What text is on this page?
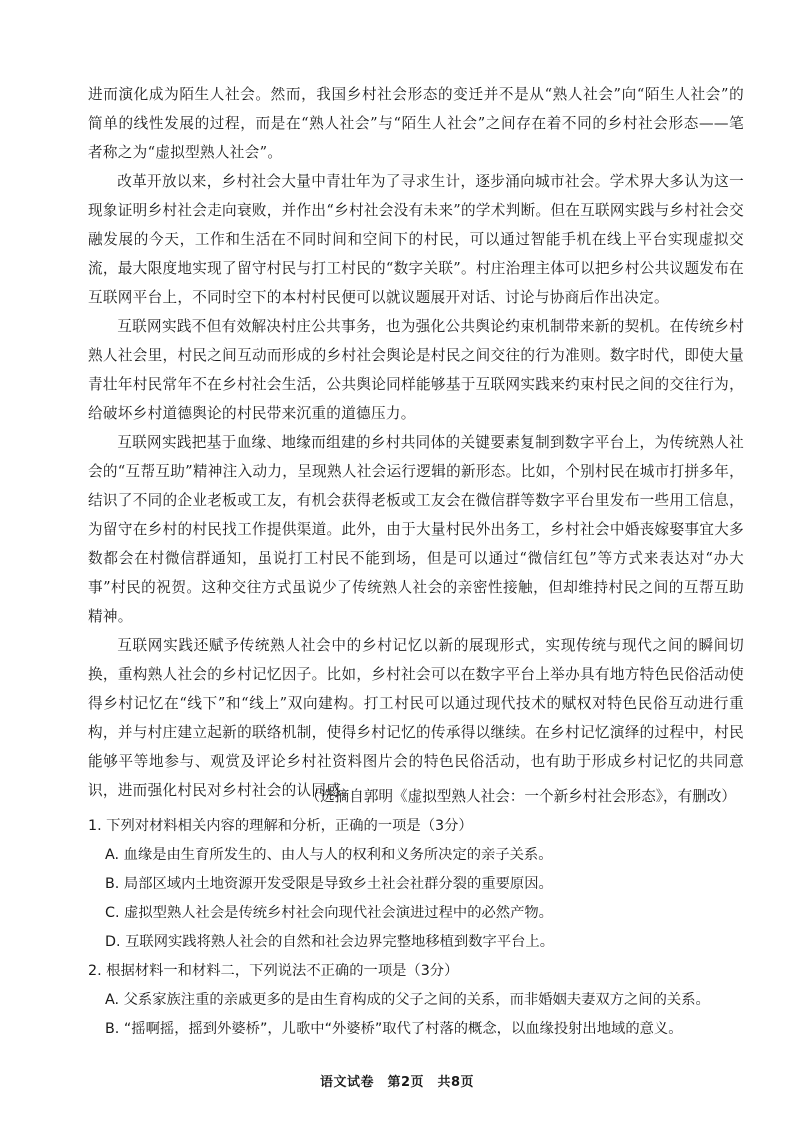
进而演化成为陌生人社会。然而，我国乡村社会形态的变迁并不是从“熟人社会”向“陌生人社会”的简单的线性发展的过程，而是在“熟人社会”与“陌生人社会”之间存在着不同的乡村社会形态——笔者称之为“虚拟型熟人社会”。

改革开放以来，乡村社会大量中青壮年为了寻求生计，逐步涌向城市社会。学术界大多认为这一现象证明乡村社会走向衰败，并作出“乡村社会没有未来”的学术判断。但在互联网实践与乡村社会交融发展的今天，工作和生活在不同时间和空间下的村民，可以通过智能手机在线上平台实现虚拟交流，最大限度地实现了留守村民与打工村民的“数字关联”。村庄治理主体可以把乡村公共议题发布在互联网平台上，不同时空下的本村村民便可以就议题展开对话、讨论与协商后作出决定。

互联网实践不但有效解决村庄公共事务，也为强化公共舆论约束机制带来新的契机。在传统乡村熟人社会里，村民之间互动而形成的乡村社会舆论是村民之间交往的行为准则。数字时代，即使大量青壮年村民常年不在乡村社会生活，公共舆论同样能够基于互联网实践来约束村民之间的交往行为，给破坏乡村道德舆论的村民带来沉重的道德压力。

互联网实践把基于血缘、地缘而组建的乡村共同体的关键要素复制到数字平台上，为传统熟人社会的“互帮互助”精神注入动力，呈现熟人社会运行逻辑的新形态。比如，个别村民在城市打拼多年，结识了不同的企业老板或工友，有机会获得老板或工友会在微信群等数字平台里发布一些用工信息，为留守在乡村的村民找工作提供渠道。此外，由于大量村民外出务工，乡村社会中婚丧嫁娶事宜大多数都会在村微信群通知，虽说打工村民不能到场，但是可以通过“微信红包”等方式来表达对“办大事”村民的祝贺。这种交往方式虽说少了传统熟人社会的亲密性接触，但却维持村民之间的互帮互助精神。

互联网实践还赋予传统熟人社会中的乡村记忆以新的展现形式，实现传统与现代之间的瞬间切换，重构熟人社会的乡村记忆因子。比如，乡村社会可以在数字平台上举办具有地方特色民俗活动使得乡村记忆在“线下”和“线上”双向建构。打工村民可以通过现代技术的赋权对特色民俗互动进行重构，并与村庄建立起新的联络机制，使得乡村记忆的传承得以继续。在乡村记忆演绎的过程中，村民能够平等地参与、观赏及评论乡村社资料图片会的特色民俗活动，也有助于形成乡村记忆的共同意识，进而强化村民对乡村社会的认同感。

（选摘自郭明《虚拟型熟人社会：一个新乡村社会形态》，有删改）

1. 下列对材料相关内容的理解和分析，正确的一项是（3分）

A. 血缘是由生育所发生的、由人与人的权利和义务所决定的亲子关系。

B. 局部区域内土地资源开发受限是导致乡土社会社群分裂的重要原因。

C. 虚拟型熟人社会是传统乡村社会向现代社会演进过程中的必然产物。

D. 互联网实践将熟人社会的自然和社会边界完整地移植到数字平台上。

2. 根据材料一和材料二，下列说法不正确的一项是（3分）

A. 父系家族注重的亲戚更多的是由生育构成的父子之间的关系，而非婚姻夫妻双方之间的关系。

B. “摇啊摇，摇到外婆桥”，儿歌中“外婆桥”取代了村落的概念，以血缘投射出地域的意义。

语文试卷　第2页　共8页
